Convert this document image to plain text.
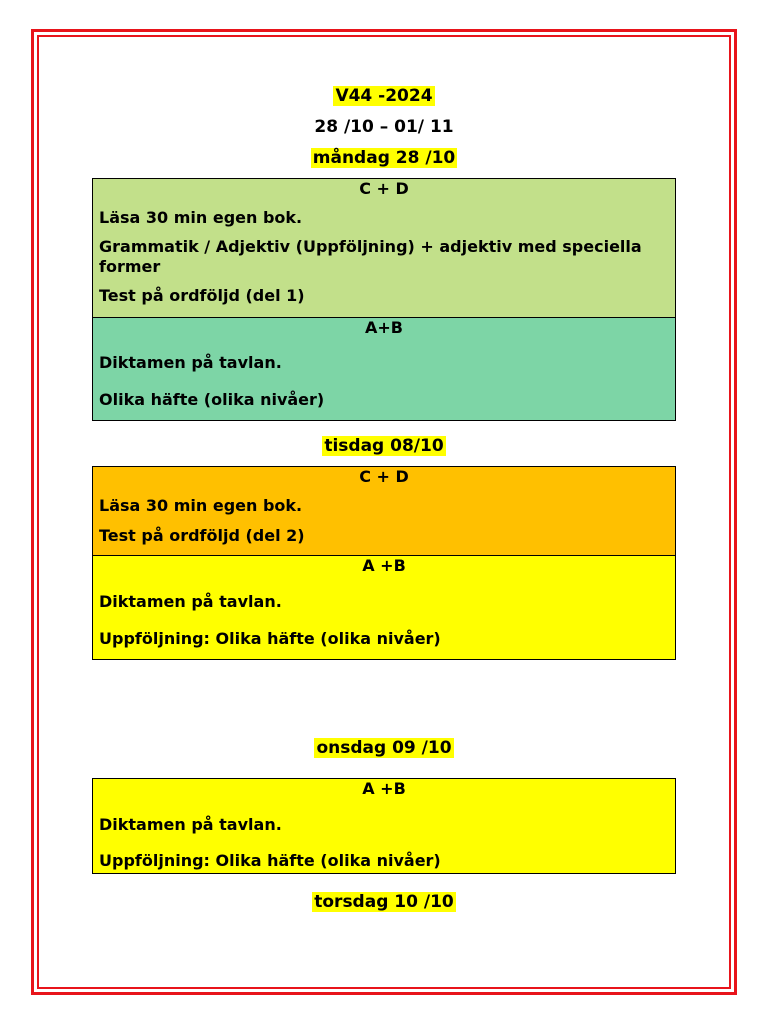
V44 -2024
28 /10 – 01/ 11
måndag 28 /10
C + D
Läsa 30 min egen bok.
Grammatik / Adjektiv (Uppföljning) + adjektiv med speciella former
Test på ordföljd (del 1)
A+B
Diktamen på tavlan.
Olika häfte (olika nivåer)
tisdag 08/10
C + D
Läsa 30 min egen bok.
Test på ordföljd (del 2)
A +B
Diktamen på tavlan.
Uppföljning: Olika häfte (olika nivåer)
onsdag 09 /10
A +B
Diktamen på tavlan.
Uppföljning: Olika häfte (olika nivåer)
torsdag 10 /10
